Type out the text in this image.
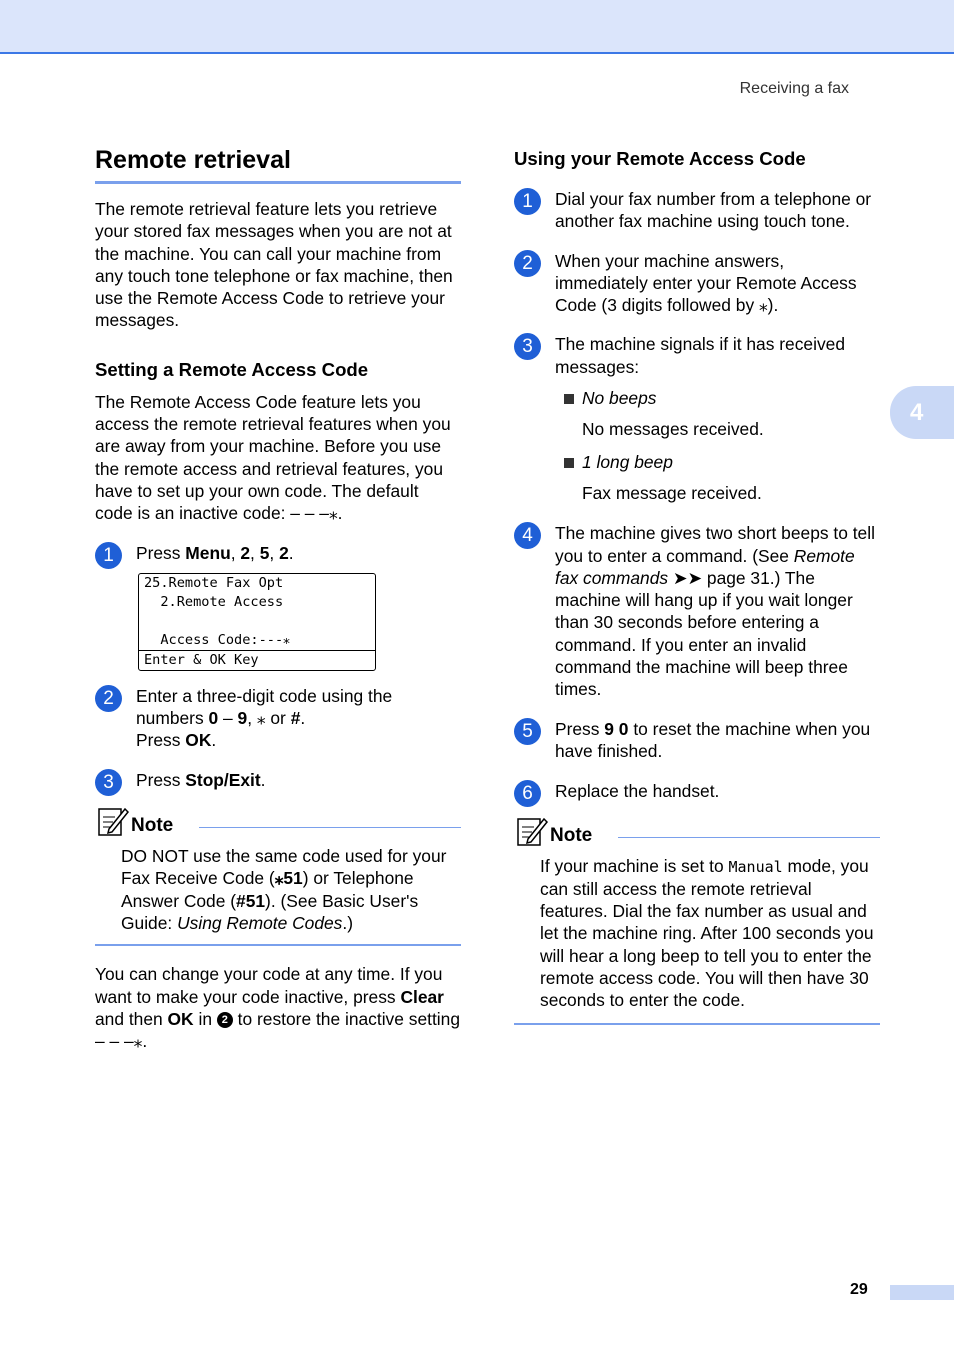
Receiving a fax
4
29
Remote retrieval

The remote retrieval feature lets you retrieve your stored fax messages when you are not at the machine. You can call your machine from any touch tone telephone or fax machine, then use the Remote Access Code to retrieve your messages.

Setting a Remote Access Code

The Remote Access Code feature lets you access the remote retrieval features when you are away from your machine. Before you use the remote access and retrieval features, you have to set up your own code. The default code is an inactive code: – – –⁎.

1	Press Menu, 2, 5, 2.

25.Remote Fax Opt
2.Remote Access
Access Code:---⁎
Enter & OK Key
2	Enter a three-digit code using the numbers 0 – 9, ⁎ or #.
Press OK.

3	Press Stop/Exit.

Note

DO NOT use the same code used for your Fax Receive Code (⁎51) or Telephone Answer Code (#51). (See Basic User's Guide: Using Remote Codes.)

You can change your code at any time. If you want to make your code inactive, press Clear and then OK in 2 to restore the inactive setting – – –⁎.

Using your Remote Access Code
1	Dial your fax number from a telephone or another fax machine using touch tone.

2	When your machine answers, immediately enter your Remote Access Code (3 digits followed by ⁎).

3	The machine signals if it has received messages:

No beeps

No messages received.

1 long beep

Fax message received.

4	The machine gives two short beeps to tell you to enter a command. (See Remote fax commands ➤➤ page 31.) The machine will hang up if you wait longer than 30 seconds before entering a command. If you enter an invalid command the machine will beep three times.

5	Press 9 0 to reset the machine when you have finished.

6	Replace the handset.

Note

If your machine is set to Manual mode, you can still access the remote retrieval features. Dial the fax number as usual and let the machine ring. After 100 seconds you will hear a long beep to tell you to enter the remote access code. You will then have 30 seconds to enter the code.
